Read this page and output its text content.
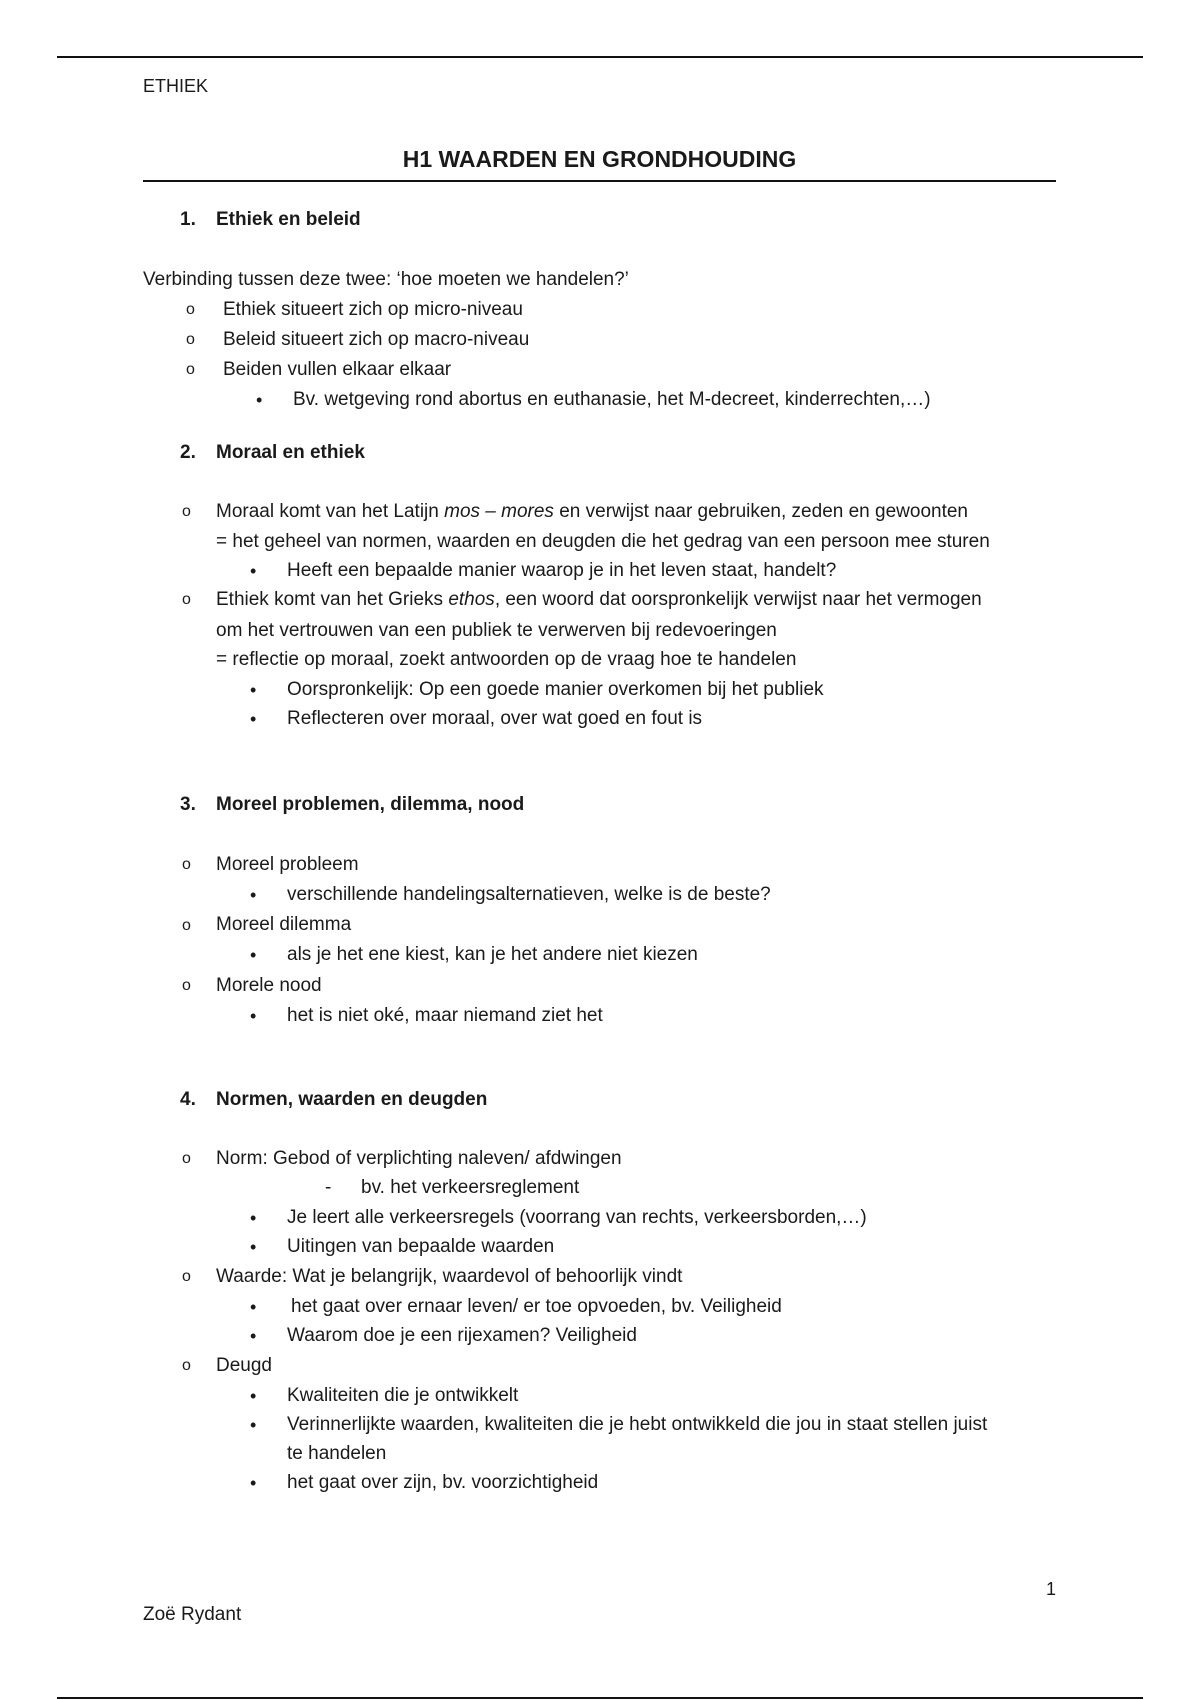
ETHIEK
H1 WAARDEN EN GRONDHOUDING
1. Ethiek en beleid
Verbinding tussen deze twee: ‘hoe moeten we handelen?’
o Ethiek situeert zich op micro-niveau
o Beleid situeert zich op macro-niveau
o Beiden vullen elkaar elkaar
• Bv. wetgeving rond abortus en euthanasie, het M-decreet, kinderrechten,…)
2. Moraal en ethiek
o Moraal komt van het Latijn mos – mores en verwijst naar gebruiken, zeden en gewoonten
= het geheel van normen, waarden en deugden die het gedrag van een persoon mee sturen
• Heeft een bepaalde manier waarop je in het leven staat, handelt?
o Ethiek komt van het Grieks ethos, een woord dat oorspronkelijk verwijst naar het vermogen
om het vertrouwen van een publiek te verwerven bij redevoeringen
= reflectie op moraal, zoekt antwoorden op de vraag hoe te handelen
• Oorspronkelijk: Op een goede manier overkomen bij het publiek
• Reflecteren over moraal, over wat goed en fout is
3. Moreel problemen, dilemma, nood
o Moreel probleem
• verschillende handelingsalternatieven, welke is de beste?
o Moreel dilemma
• als je het ene kiest, kan je het andere niet kiezen
o Morele nood
• het is niet oké, maar niemand ziet het
4. Normen, waarden en deugden
o Norm: Gebod of verplichting naleven/ afdwingen
- bv. het verkeersreglement
• Je leert alle verkeersregels (voorrang van rechts, verkeersborden,…)
• Uitingen van bepaalde waarden
o Waarde: Wat je belangrijk, waardevol of behoorlijk vindt
• het gaat over ernaar leven/ er toe opvoeden, bv. Veiligheid
• Waarom doe je een rijexamen? Veiligheid
o Deugd
• Kwaliteiten die je ontwikkelt
• Verinnerlijkte waarden, kwaliteiten die je hebt ontwikkeld die jou in staat stellen juist
te handelen
• het gaat over zijn, bv. voorzichtigheid
1
Zoë Rydant
